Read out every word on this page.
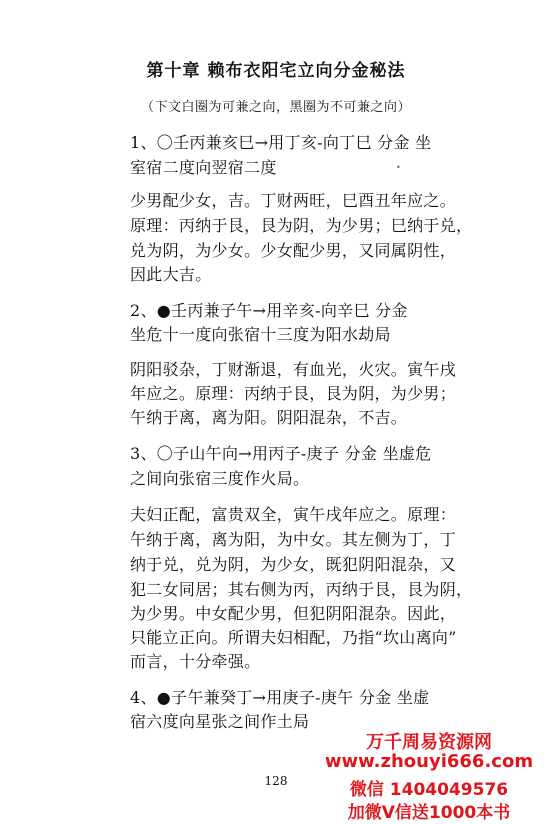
第十章 赖布衣阳宅立向分金秘法
（下文白圈为可兼之向，黑圈为不可兼之向）
1、〇壬丙兼亥巳→用丁亥-向丁巳 分金 坐
室宿二度向翌宿二度	•
少男配少女，吉。丁财两旺，巳酉丑年应之。
原理：丙纳于艮，艮为阴，为少男；巳纳于兑，
兑为阴，为少女。少女配少男，又同属阴性，
因此大吉。
2、●壬丙兼子午→用辛亥-向辛巳 分金
坐危十一度向张宿十三度为阳水劫局
阴阳驳杂，丁财渐退，有血光，火灾。寅午戌
年应之。原理：丙纳于艮，艮为阴，为少男；
午纳于离，离为阳。阴阳混杂，不吉。
3、〇子山午向→用丙子-庚子 分金 坐虚危
之间向张宿三度作火局。
夫妇正配，富贵双全，寅午戌年应之。原理：
午纳于离，离为阳，为中女。其左侧为丁，丁
纳于兑，兑为阴，为少女，既犯阴阳混杂，又
犯二女同居；其右侧为丙，丙纳于艮，艮为阴，
为少男。中女配少男，但犯阴阳混杂。因此，
只能立正向。所谓夫妇相配，乃指“坎山离向”
而言，十分牵强。
4、●子午兼癸丁→用庚子-庚午 分金 坐虚
宿六度向星张之间作土局
128
万千周易资源网
www.zhouyi666.com
微信 1404049576
加微V信送1000本书
